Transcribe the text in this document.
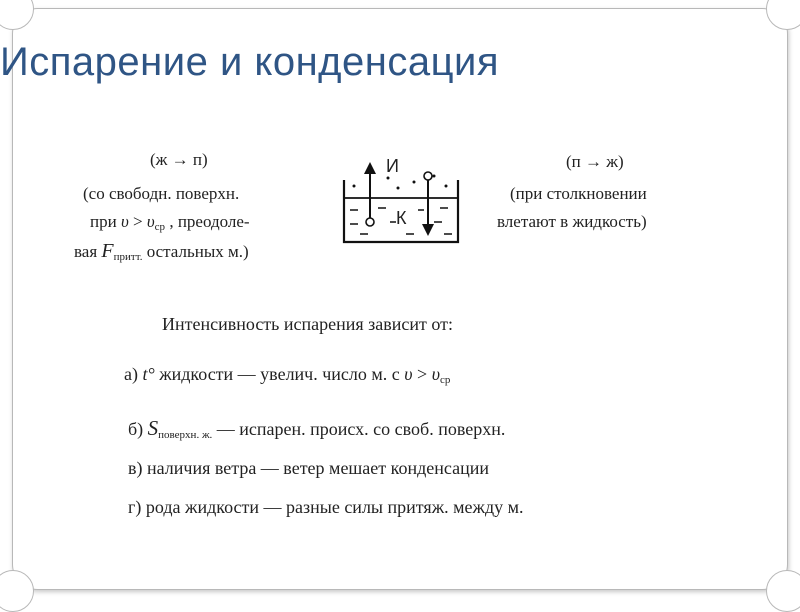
Испарение и конденсация
(ж → п)
(со свободн. поверхн.
при $\upsilon > \upsilon_{ср}$ , преодоле-
вая $F_{притт.}$ остальных м.)
И
К
(п → ж)
(при столкновении
влетают в жидкость)
Интенсивность испарения зависит от:
а) t° жидкости — увелич. число м. с $\upsilon > \upsilon_{ср}$
б) $S_{поверхн. ж.}$ — испарен. происх. со своб. поверхн.
в) наличия ветра — ветер мешает конденсации
г) рода жидкости — разные силы притяж. между м.
